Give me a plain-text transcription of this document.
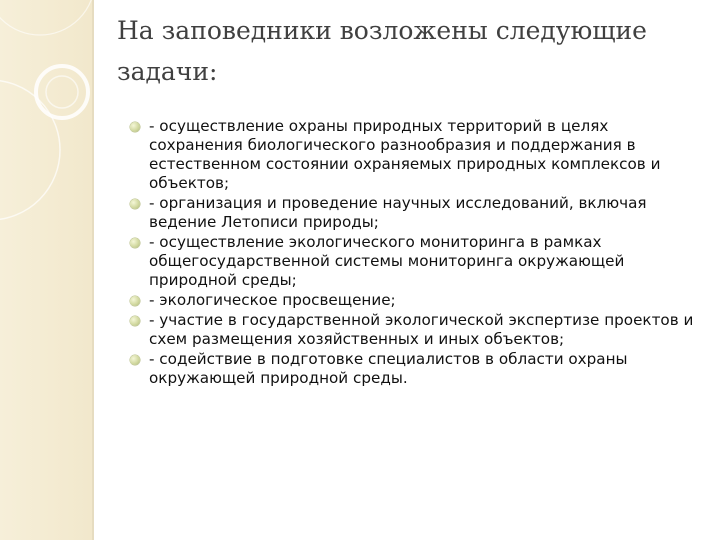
На заповедники возложены следующие задачи:
- осуществление охраны природных территорий в целях сохранения биологического разнообразия и поддержания в естественном состоянии охраняемых природных комплексов и объектов;
- организация и проведение научных исследований, включая ведение Летописи природы;
- осуществление экологического мониторинга в рамках общегосударственной системы мониторинга окружающей природной среды;
- экологическое просвещение;
- участие в государственной экологической экспертизе проектов и схем размещения хозяйственных и иных объектов;
- содействие в подготовке специалистов в области охраны окружающей природной среды.
